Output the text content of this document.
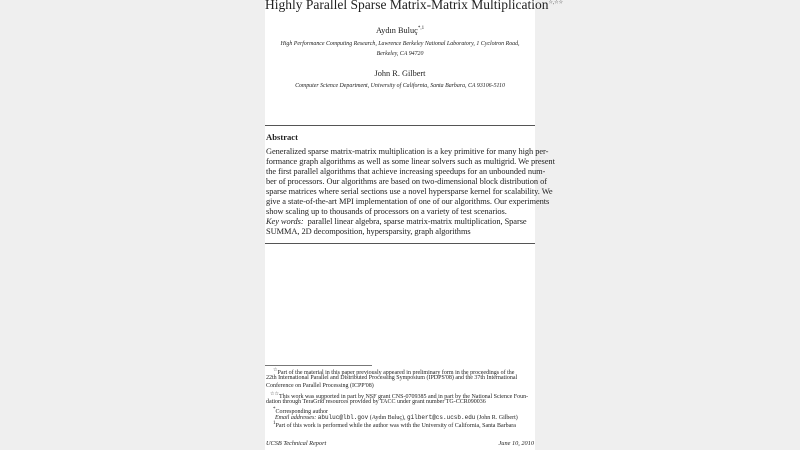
Highly Parallel Sparse Matrix-Matrix Multiplication☆,☆☆
Aydın Buluç$^{*,1}$
High Performance Computing Research, Lawrence Berkeley National Laboratory, 1 Cyclotron Road,
Berkeley, CA 94720
John R. Gilbert
Computer Science Department, University of California, Santa Barbara, CA 93106-5110
Abstract
Generalized sparse matrix-matrix multiplication is a key primitive for many high per-
formance graph algorithms as well as some linear solvers such as multigrid. We present
the first parallel algorithms that achieve increasing speedups for an unbounded num-
ber of processors. Our algorithms are based on two-dimensional block distribution of
sparse matrices where serial sections use a novel hypersparse kernel for scalability. We
give a state-of-the-art MPI implementation of one of our algorithms. Our experiments
show scaling up to thousands of processors on a variety of test scenarios.
Key words: parallel linear algebra, sparse matrix-matrix multiplication, Sparse
SUMMA, 2D decomposition, hypersparsity, graph algorithms
☆Part of the material in this paper previously appeared in preliminary form in the proceedings of the
22th International Parallel and Distributed Processing Symposium (IPDPS'08) and the 37th International
Conference on Parallel Processing (ICPP'08)
☆☆This work was supported in part by NSF grant CNS-0709385 and in part by the National Science Foun-
dation through TeraGrid resources provided by TACC under grant number TG-CCR090036
*Corresponding author
Email addresses: abuluc@lbl.gov (Aydın Buluç), gilbert@cs.ucsb.edu (John R. Gilbert)
$^1$Part of this work is performed while the author was with the University of California, Santa Barbara
UCSB Technical Report	June 10, 2010
